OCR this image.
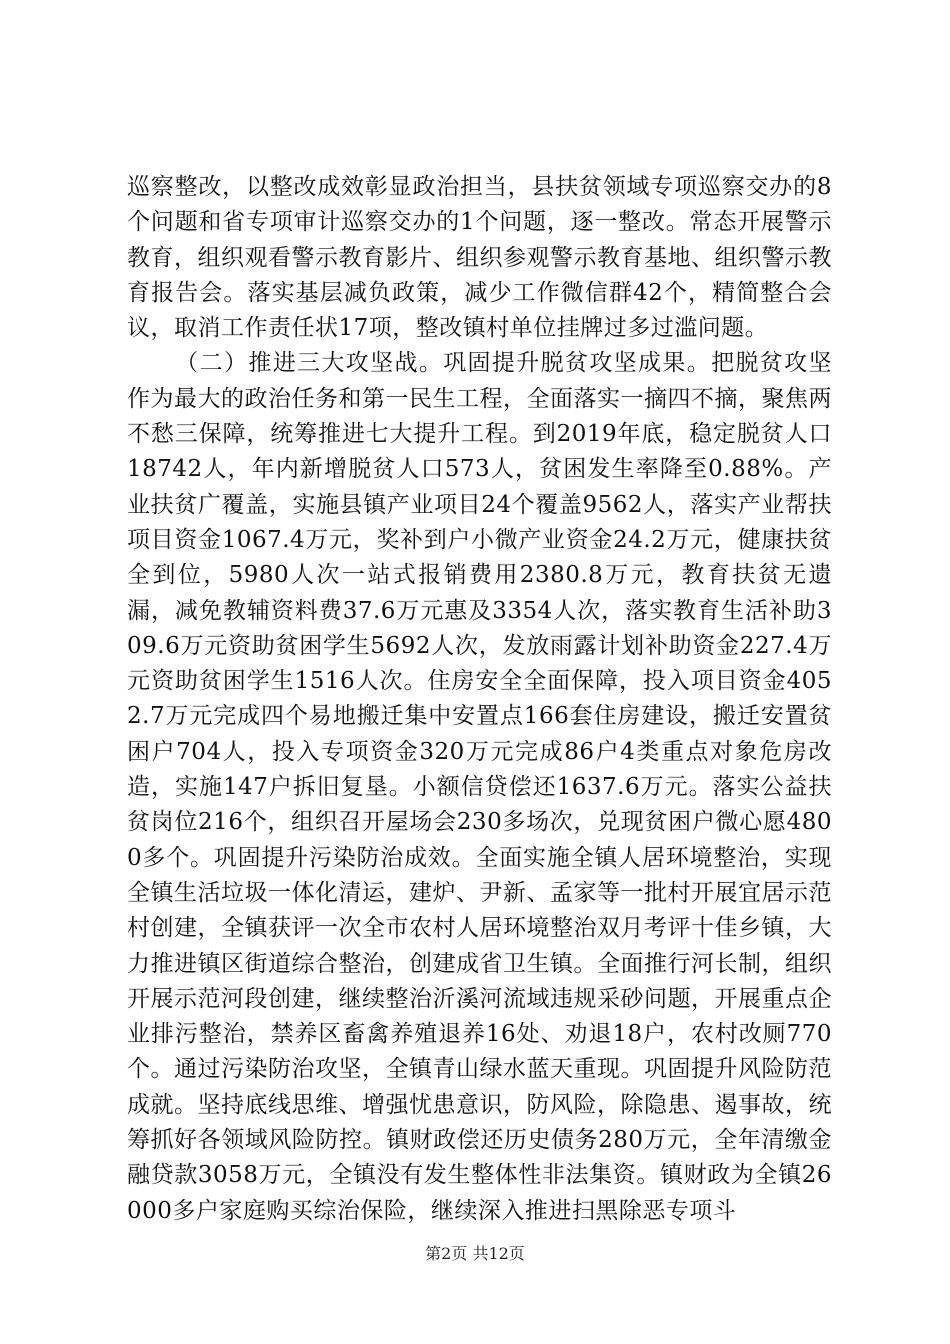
巡察整改，以整改成效彰显政治担当，县扶贫领域专项巡察交办的8个问题和省专项审计巡察交办的1个问题，逐一整改。常态开展警示教育，组织观看警示教育影片、组织参观警示教育基地、组织警示教育报告会。落实基层减负政策，减少工作微信群42个，精简整合会议，取消工作责任状17项，整改镇村单位挂牌过多过滥问题。

（二）推进三大攻坚战。巩固提升脱贫攻坚成果。把脱贫攻坚作为最大的政治任务和第一民生工程，全面落实一摘四不摘，聚焦两不愁三保障，统筹推进七大提升工程。到2019年底，稳定脱贫人口18742人，年内新增脱贫人口573人，贫困发生率降至0.88%。产业扶贫广覆盖，实施县镇产业项目24个覆盖9562人，落实产业帮扶项目资金1067.4万元，奖补到户小微产业资金24.2万元，健康扶贫全到位，5980人次一站式报销费用2380.8万元，教育扶贫无遗漏，减免教辅资料费37.6万元惠及3354人次，落实教育生活补助309.6万元资助贫困学生5692人次，发放雨露计划补助资金227.4万元资助贫困学生1516人次。住房安全全面保障，投入项目资金4052.7万元完成四个易地搬迁集中安置点166套住房建设，搬迁安置贫困户704人，投入专项资金320万元完成86户4类重点对象危房改造，实施147户拆旧复垦。小额信贷偿还1637.6万元。落实公益扶贫岗位216个，组织召开屋场会230多场次，兑现贫困户微心愿4800多个。巩固提升污染防治成效。全面实施全镇人居环境整治，实现全镇生活垃圾一体化清运，建炉、尹新、孟家等一批村开展宜居示范村创建，全镇获评一次全市农村人居环境整治双月考评十佳乡镇，大力推进镇区街道综合整治，创建成省卫生镇。全面推行河长制，组织开展示范河段创建，继续整治沂溪河流域违规采砂问题，开展重点企业排污整治，禁养区畜禽养殖退养16处、劝退18户，农村改厕770个。通过污染防治攻坚，全镇青山绿水蓝天重现。巩固提升风险防范成就。坚持底线思维、增强忧患意识，防风险，除隐患、遏事故，统筹抓好各领域风险防控。镇财政偿还历史债务280万元，全年清缴金融贷款3058万元，全镇没有发生整体性非法集资。镇财政为全镇26000多户家庭购买综治保险，继续深入推进扫黑除恶专项斗

第2页 共12页
